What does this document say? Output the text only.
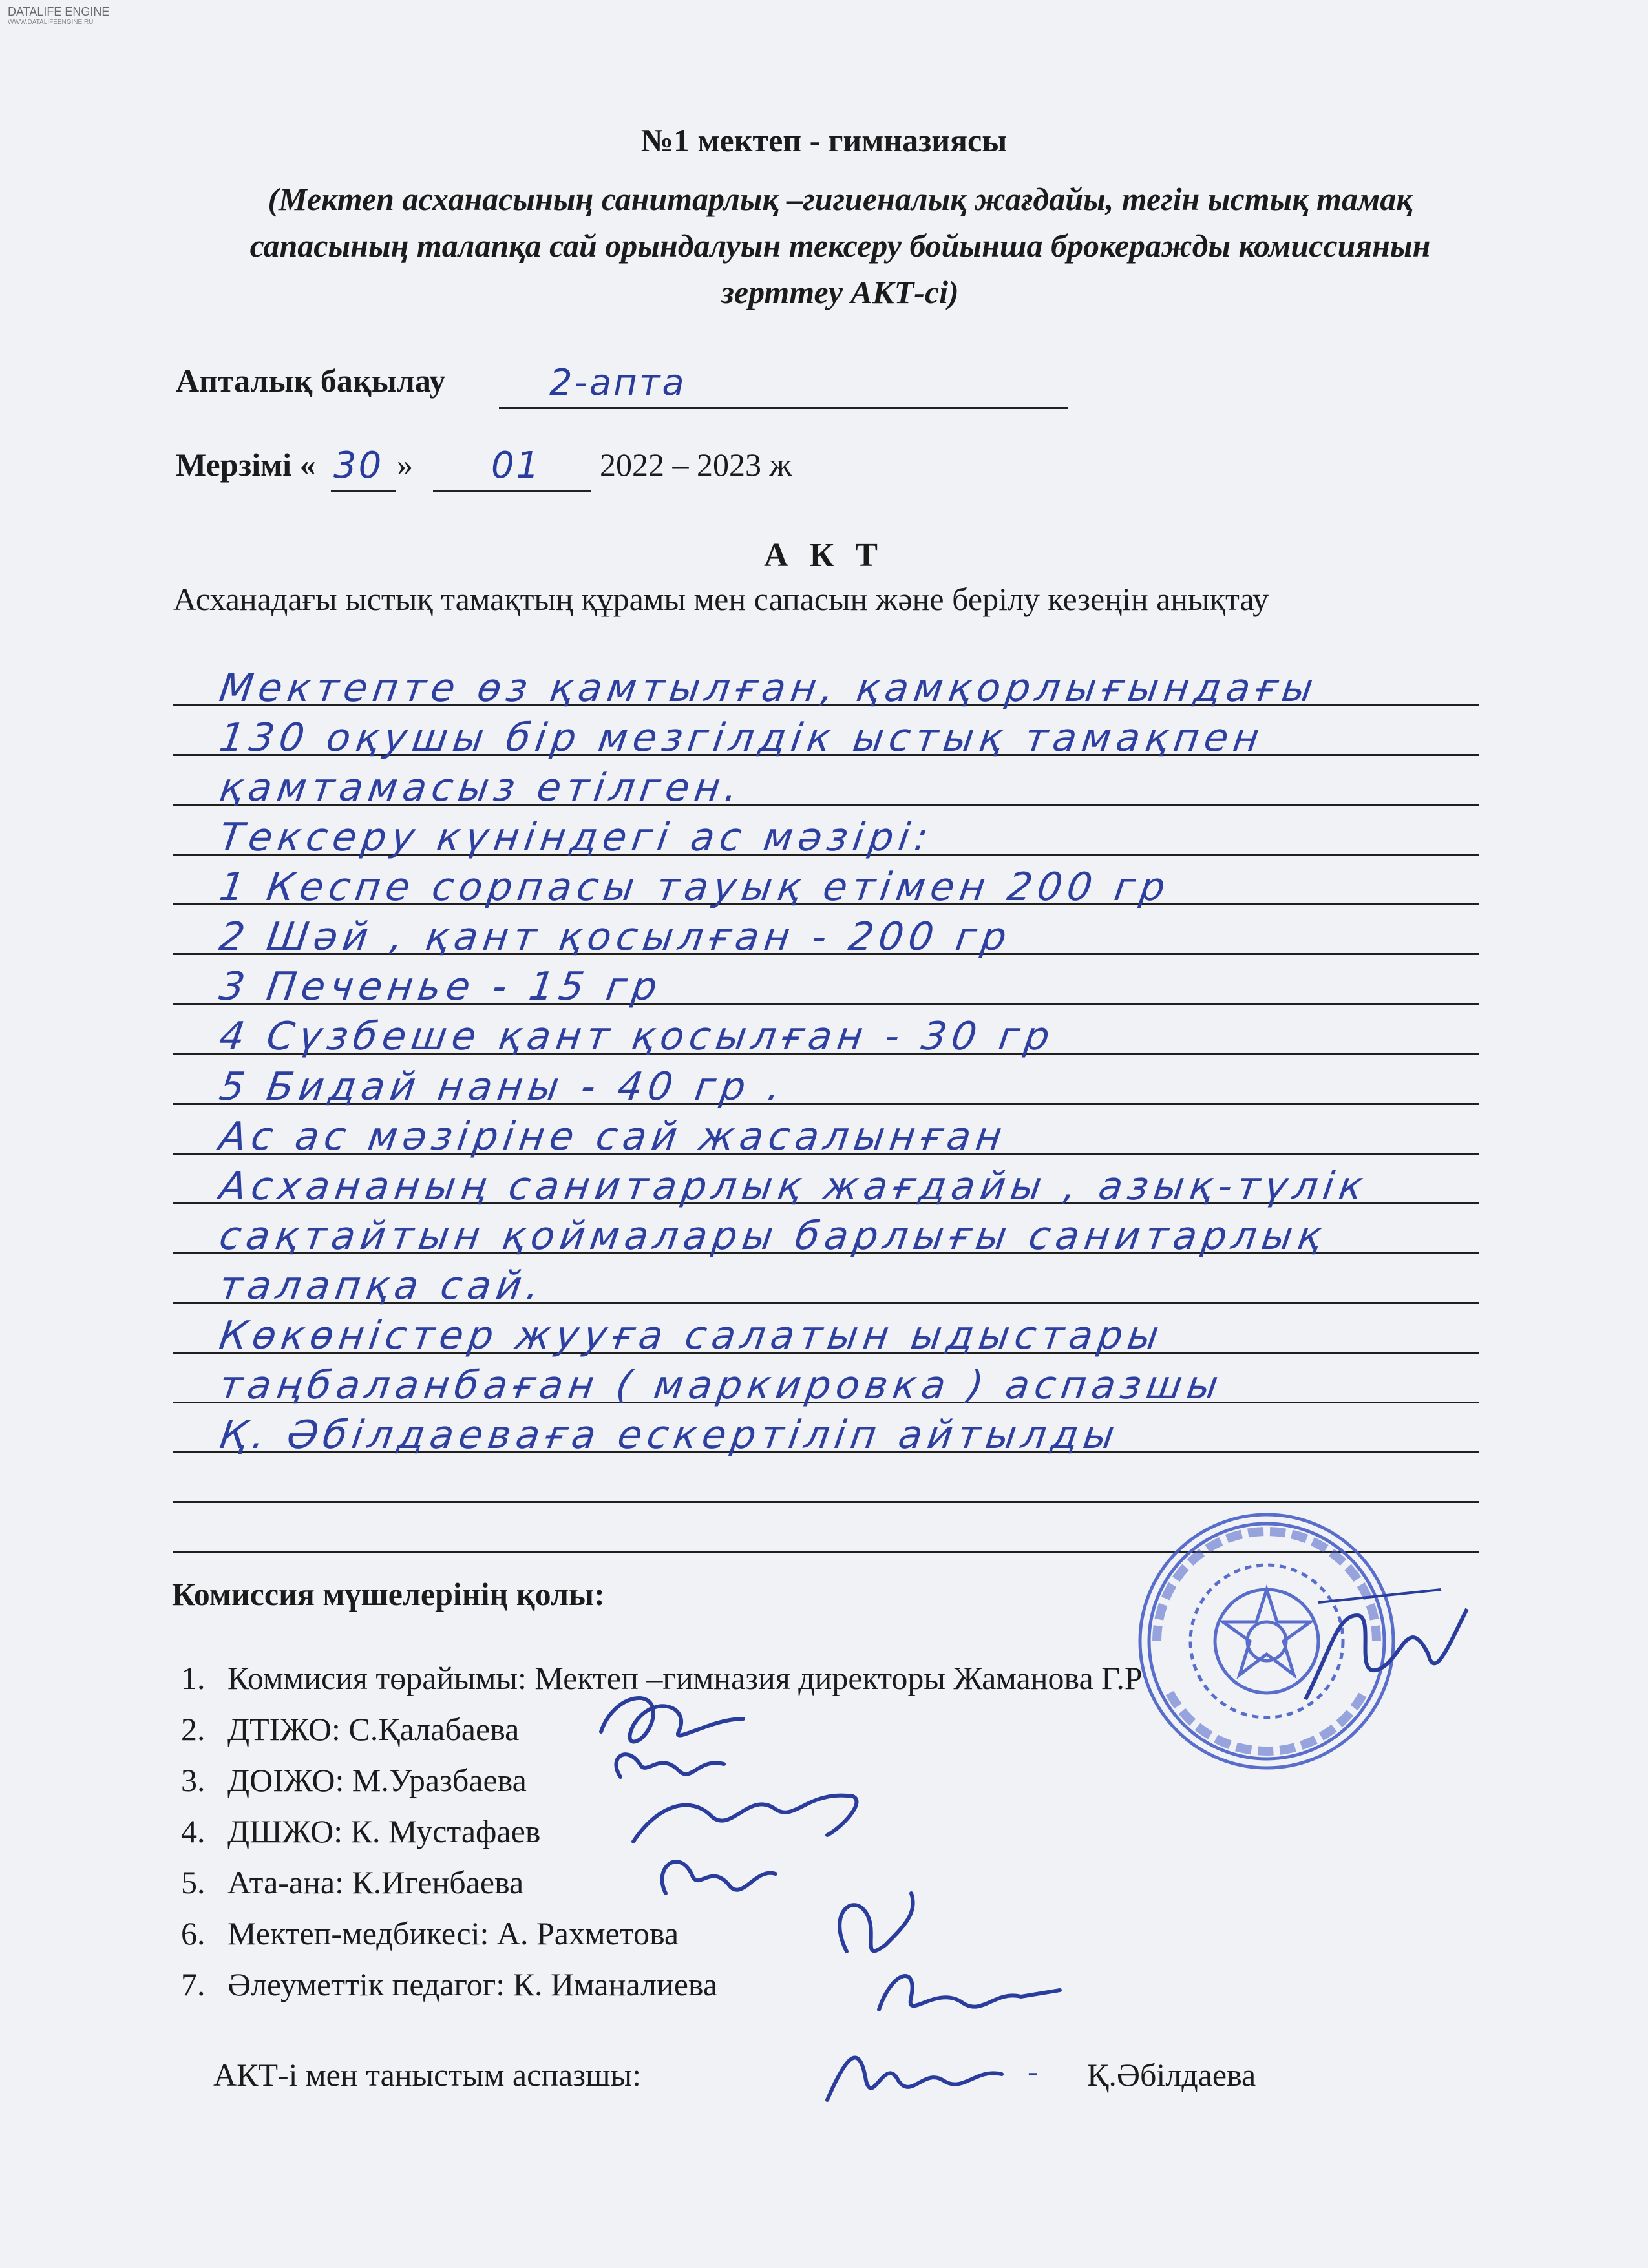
DATALIFE ENGINE
WWW.DATALIFEENGINE.RU
№1 мектеп - гимназиясы
(Мектеп асханасының санитарлық –гигиеналық жағдайы, тегін ыстық тамақ сапасының талапқа сай орындалуын тексеру бойынша брокеражды комиссиянын зерттеу АКТ-сі)
Апталық бақылау	2-апта
Мерзімі « 30 » 01 2022 – 2023 ж
А К Т
Асханадағы ыстық тамақтың құрамы мен сапасын және берілу кезеңін анықтау
Мектепте өз қамтылған, қамқорлығындағы
130 оқушы бір мезгілдік ыстық тамақпен
қамтамасыз етілген.
Тексеру күніндегі ас мәзірі:
1 Кеспе сорпасы тауық етімен 200 гр
2 Шәй , қант қосылған - 200 гр
3 Печенье - 15 гр
4 Сүзбеше қант қосылған - 30 гр
5 Бидай наны - 40 гр .
Ас ас мәзіріне сай жасалынған
Асхананың санитарлық жағдайы , азық-түлік
сақтайтын қоймалары барлығы санитарлық
талапқа сай.
Көкөністер жууға салатын ыдыстары
таңбаланбаған ( маркировка ) аспазшы
Қ. Әбілдаеваға ескертіліп айтылды
Комиссия мүшелерінің қолы:
1. Коммисия төрайымы: Мектеп –гимназия директоры Жаманова Г.Р
2. ДТІЖО: С.Қалабаева
3. ДОІЖО: М.Уразбаева
4. ДШЖО: К. Мустафаев
5. Ата-ана: К.Игенбаева
6. Мектеп-медбикесі: А. Рахметова
7. Әлеуметтік педагог: К. Иманалиева
АКТ-і мен таныстым аспазшы:	- Қ.Әбілдаева
